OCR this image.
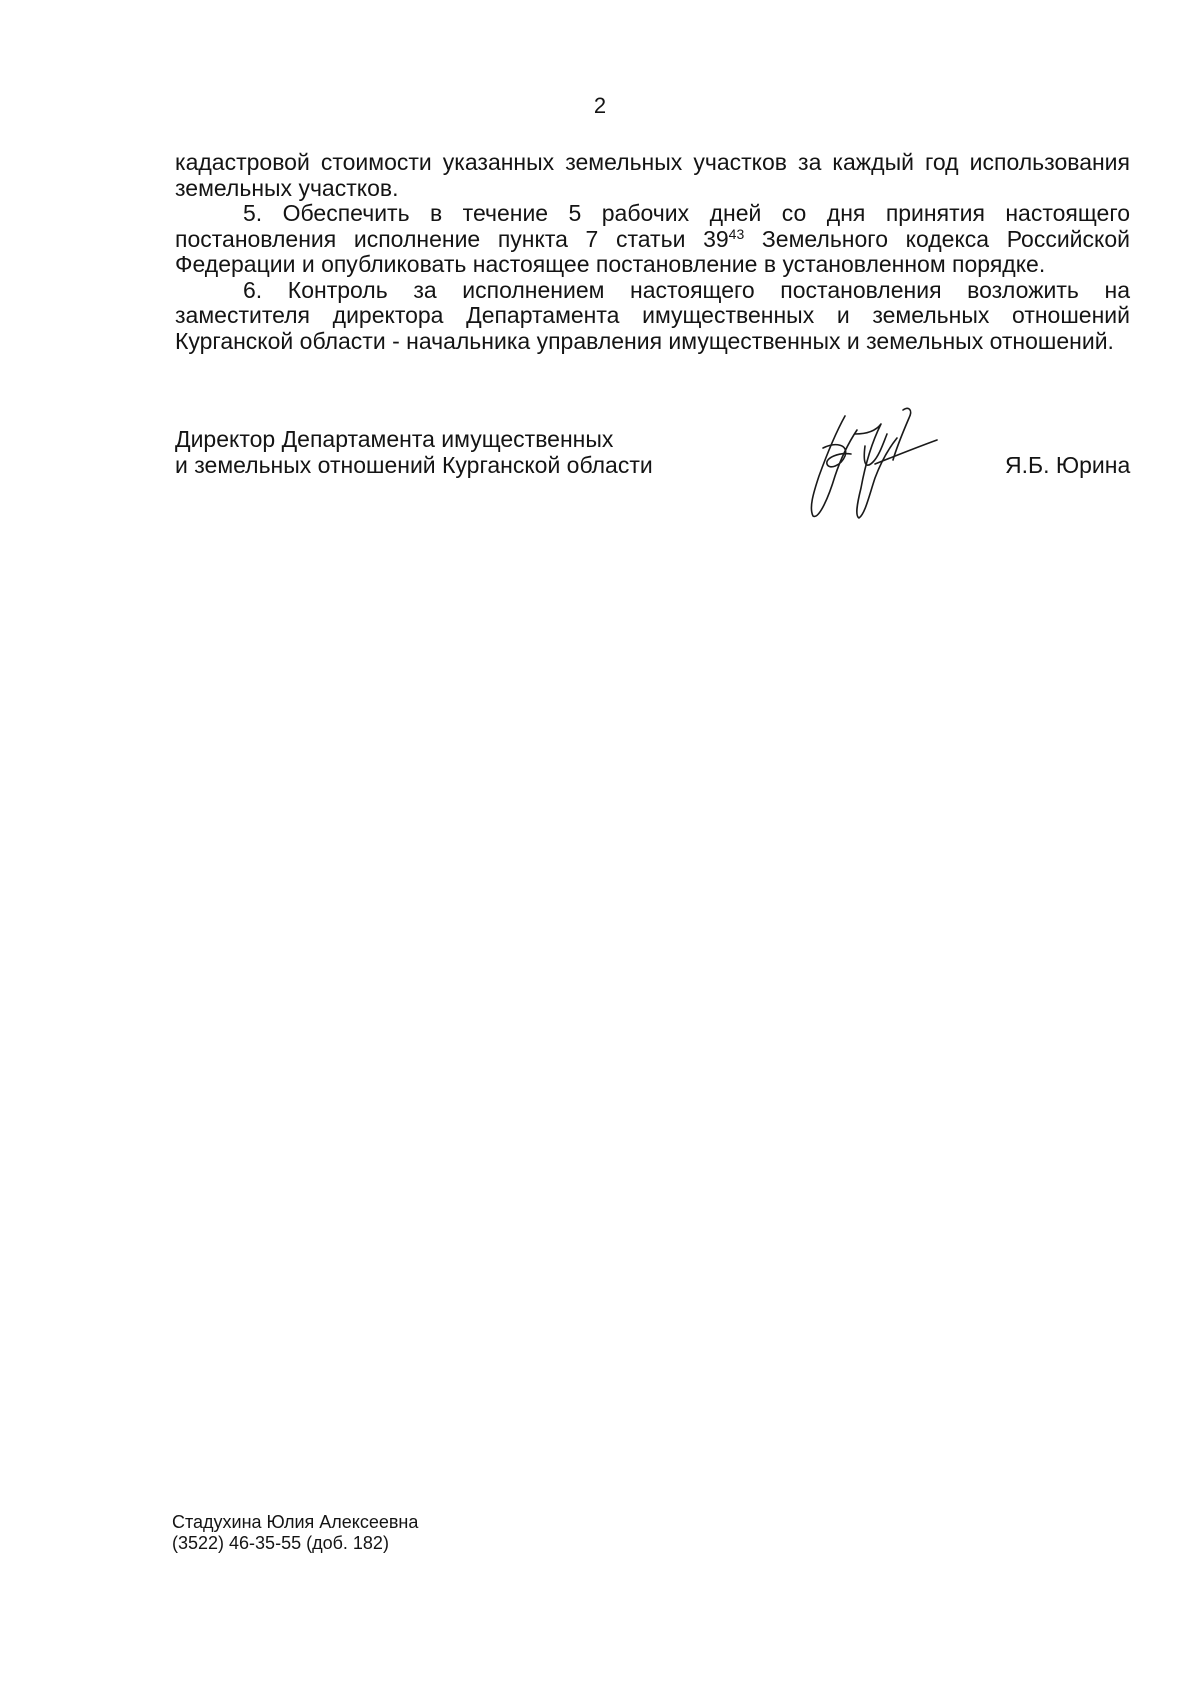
2

кадастровой стоимости указанных земельных участков за каждый год использования земельных участков.

5. Обеспечить в течение 5 рабочих дней со дня принятия настоящего постановления исполнение пункта 7 статьи $39^{43}$ Земельного кодекса Российской Федерации и опубликовать настоящее постановление в установленном порядке.

6. Контроль за исполнением настоящего постановления возложить на заместителя директора Департамента имущественных и земельных отношений Курганской области - начальника управления имущественных и земельных отношений.

Директор Департамента имущественных
и земельных отношений Курганской области	Я.Б. Юрина
Стадухина Юлия Алексеевна
(3522) 46-35-55 (доб. 182)
